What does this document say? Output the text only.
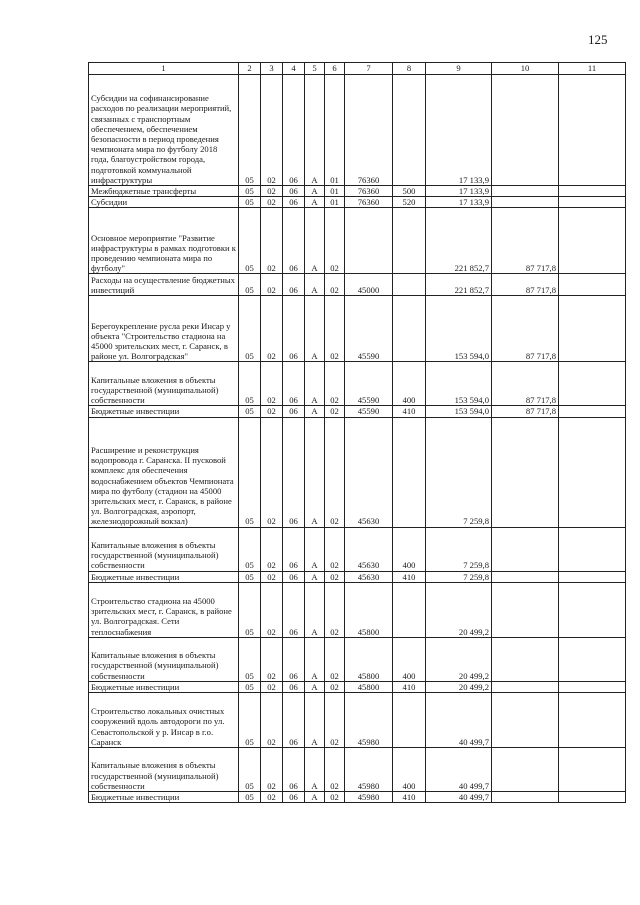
125
1	2	3	4	5	6	7	8	9	10	11

Субсидии на софинансирование расходов по реализации мероприятий, связанных с транспортным обеспечением, обеспечением безопасности в период проведения чемпионата мира по футболу 2018 года, благоустройством города, подготовкой коммунальной инфраструктуры	05	02	06	А	01	76360		17 133,9		

Межбюджетные трансферты	05	02	06	А	01	76360	500	17 133,9		

Субсидии	05	02	06	А	01	76360	520	17 133,9		

Основное мероприятие "Развитие инфраструктуры в рамках подготовки к проведению чемпионата мира по футболу"	05	02	06	А	02			221 852,7	87 717,8	

Расходы на осуществление бюджетных инвестиций	05	02	06	А	02	45000		221 852,7	87 717,8	

Берегоукрепление русла реки Инсар у объекта "Строительство стадиона на 45000 зрительских мест, г. Саранск, в районе ул. Волгоградская"	05	02	06	А	02	45590		153 594,0	87 717,8	

Капитальные вложения в объекты государственной (муниципальной) собственности	05	02	06	А	02	45590	400	153 594,0	87 717,8	

Бюджетные инвестиции	05	02	06	А	02	45590	410	153 594,0	87 717,8	

Расширение и реконструкция водопровода г. Саранска. II пусковой комплекс для обеспечения водоснабжением объектов Чемпионата мира по футболу (стадион на 45000 зрительских мест, г. Саранск, в районе ул. Волгоградская, аэропорт, железнодорожный вокзал)	05	02	06	А	02	45630		7 259,8		

Капитальные вложения в объекты государственной (муниципальной) собственности	05	02	06	А	02	45630	400	7 259,8		

Бюджетные инвестиции	05	02	06	А	02	45630	410	7 259,8		

Строительство стадиона на 45000 зрительских мест, г. Саранск, в районе ул. Волгоградская. Сети теплоснабжения	05	02	06	А	02	45800		20 499,2		

Капитальные вложения в объекты государственной (муниципальной) собственности	05	02	06	А	02	45800	400	20 499,2		

Бюджетные инвестиции	05	02	06	А	02	45800	410	20 499,2		

Строительство локальных очистных сооружений вдоль автодороги по ул. Севастопольской у р. Инсар в г.о. Саранск	05	02	06	А	02	45980		40 499,7		

Капитальные вложения в объекты государственной (муниципальной) собственности	05	02	06	А	02	45980	400	40 499,7		

Бюджетные инвестиции	05	02	06	А	02	45980	410	40 499,7		
